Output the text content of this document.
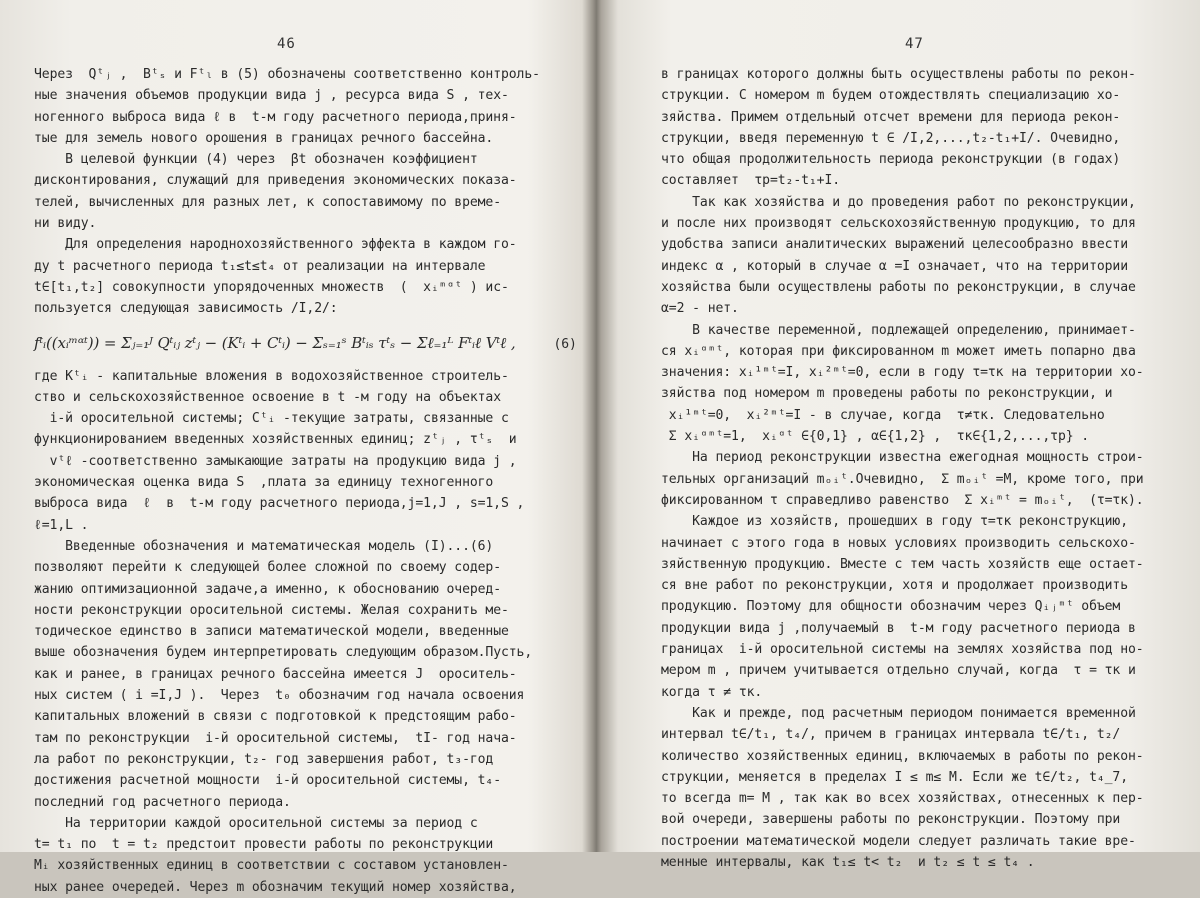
46
Через  Qᵗⱼ ,  Bᵗₛ и Fᵗₗ в (5) обозначены соответственно контроль-
ные значения объемов продукции вида j , ресурса вида S , тех-
ногенного выброса вида ℓ в  t-м году расчетного периода,приня-
тые для земель нового орошения в границах речного бассейна.
В целевой функции (4) через  βt обозначен коэффициент
дисконтирования, служащий для приведения экономических показа-
телей, вычисленных для разных лет, к сопоставимому по време-
ни виду.
Для определения народнохозяйственного эффекта в каждом го-
ду t расчетного периода t₁≤t≤t₄ от реализации на интервале
t∈[t₁,t₂] совокупности упорядоченных множеств  (  xᵢᵐᵅᵗ ) ис-
пользуется следующая зависимость /I,2/:
fᵗᵢ((xᵢᵐᵅᵗ)) = Σⱼ₌₁ᴶ Qᵗᵢⱼ zᵗⱼ − (Kᵗᵢ + Cᵗᵢ) − Σₛ₌₁ˢ Bᵗᵢₛ τᵗₛ − Σℓ₌₁ᴸ Fᵗᵢℓ Vᵗℓ ,	(6)
где Kᵗᵢ - капитальные вложения в водохозяйственное строитель-
ство и сельскохозяйственное освоение в t -м году на объектах
i-й оросительной системы; Cᵗᵢ -текущие затраты, связанные с
функционированием введенных хозяйственных единиц; zᵗⱼ , τᵗₛ  и
vᵗℓ -соответственно замыкающие затраты на продукцию вида j ,
экономическая оценка вида S  ,плата за единицу техногенного
выброса вида  ℓ  в  t-м году расчетного периода,j=1,J , s=1,S ,
ℓ=1,L .
Введенные обозначения и математическая модель (I)...(6)
позволяют перейти к следующей более сложной по своему содер-
жанию оптимизационной задаче,а именно, к обоснованию очеред-
ности реконструкции оросительной системы. Желая сохранить ме-
тодическое единство в записи математической модели, введенные
выше обозначения будем интерпретировать следующим образом.Пусть,
как и ранее, в границах речного бассейна имеется J  ороситель-
ных систем ( i =I,J ).  Через  t₀ обозначим год начала освоения
капитальных вложений в связи с подготовкой к предстоящим рабо-
там по реконструкции  i-й оросительной системы,  tI- год нача-
ла работ по реконструкции, t₂- год завершения работ, t₃-год
достижения расчетной мощности  i-й оросительной системы, t₄-
последний год расчетного периода.
На территории каждой оросительной системы за период с
t= t₁ по  t = t₂ предстоит провести работы по реконструкции
Mᵢ хозяйственных единиц в соответствии с составом установлен-
ных ранее очередей. Через m обозначим текущий номер хозяйства,
47
в границах которого должны быть осуществлены работы по рекон-
струкции. С номером m будем отождествлять специализацию хо-
зяйства. Примем отдельный отсчет времени для периода рекон-
струкции, введя переменную t ∈ /I,2,...,t₂-t₁+I/. Очевидно,
что общая продолжительность периода реконструкции (в годах)
составляет  τp=t₂-t₁+I.
Так как хозяйства и до проведения работ по реконструкции,
и после них производят сельскохозяйственную продукцию, то для
удобства записи аналитических выражений целесообразно ввести
индекс α , который в случае α =I означает, что на территории
хозяйства были осуществлены работы по реконструкции, в случае
α=2 - нет.
В качестве переменной, подлежащей определению, принимает-
ся xᵢᵅᵐᵗ, которая при фиксированном m может иметь попарно два
значения: xᵢ¹ᵐᵗ=I, xᵢ²ᵐᵗ=0, если в году τ=τк на территории хо-
зяйства под номером m проведены работы по реконструкции, и
xᵢ¹ᵐᵗ=0,  xᵢ²ᵐᵗ=I - в случае, когда  τ≠τк. Следовательно
Σ xᵢᵅᵐᵗ=1,  xᵢᵅᵗ ∈{0,1} , α∈{1,2} ,  τк∈{1,2,...,τp} .
На период реконструкции известна ежегодная мощность строи-
тельных организаций mₒᵢᵗ.Очевидно,  Σ mₒᵢᵗ =M, кроме того, при
фиксированном τ справедливо равенство  Σ xᵢᵐᵗ = mₒᵢᵗ,  (τ=τк).
Каждое из хозяйств, прошедших в году τ=τк реконструкцию,
начинает с этого года в новых условиях производить сельскохо-
зяйственную продукцию. Вместе с тем часть хозяйств еще остает-
ся вне работ по реконструкции, хотя и продолжает производить
продукцию. Поэтому для общности обозначим через Qᵢⱼᵐᵗ объем
продукции вида j ,получаемый в  t-м году расчетного периода в
границах  i-й оросительной системы на землях хозяйства под но-
мером m , причем учитывается отдельно случай, когда  τ = τк и
когда τ ≠ τк.
Как и прежде, под расчетным периодом понимается временной
интервал t∈/t₁, t₄/, причем в границах интервала t∈/t₁, t₂/
количество хозяйственных единиц, включаемых в работы по рекон-
струкции, меняется в пределах I ≤ m≤ M. Если же t∈/t₂, t₄_7,
то всегда m= M , так как во всех хозяйствах, отнесенных к пер-
вой очереди, завершены работы по реконструкции. Поэтому при
построении математической модели следует различать такие вре-
менные интервалы, как t₁≤ t< t₂  и t₂ ≤ t ≤ t₄ .
